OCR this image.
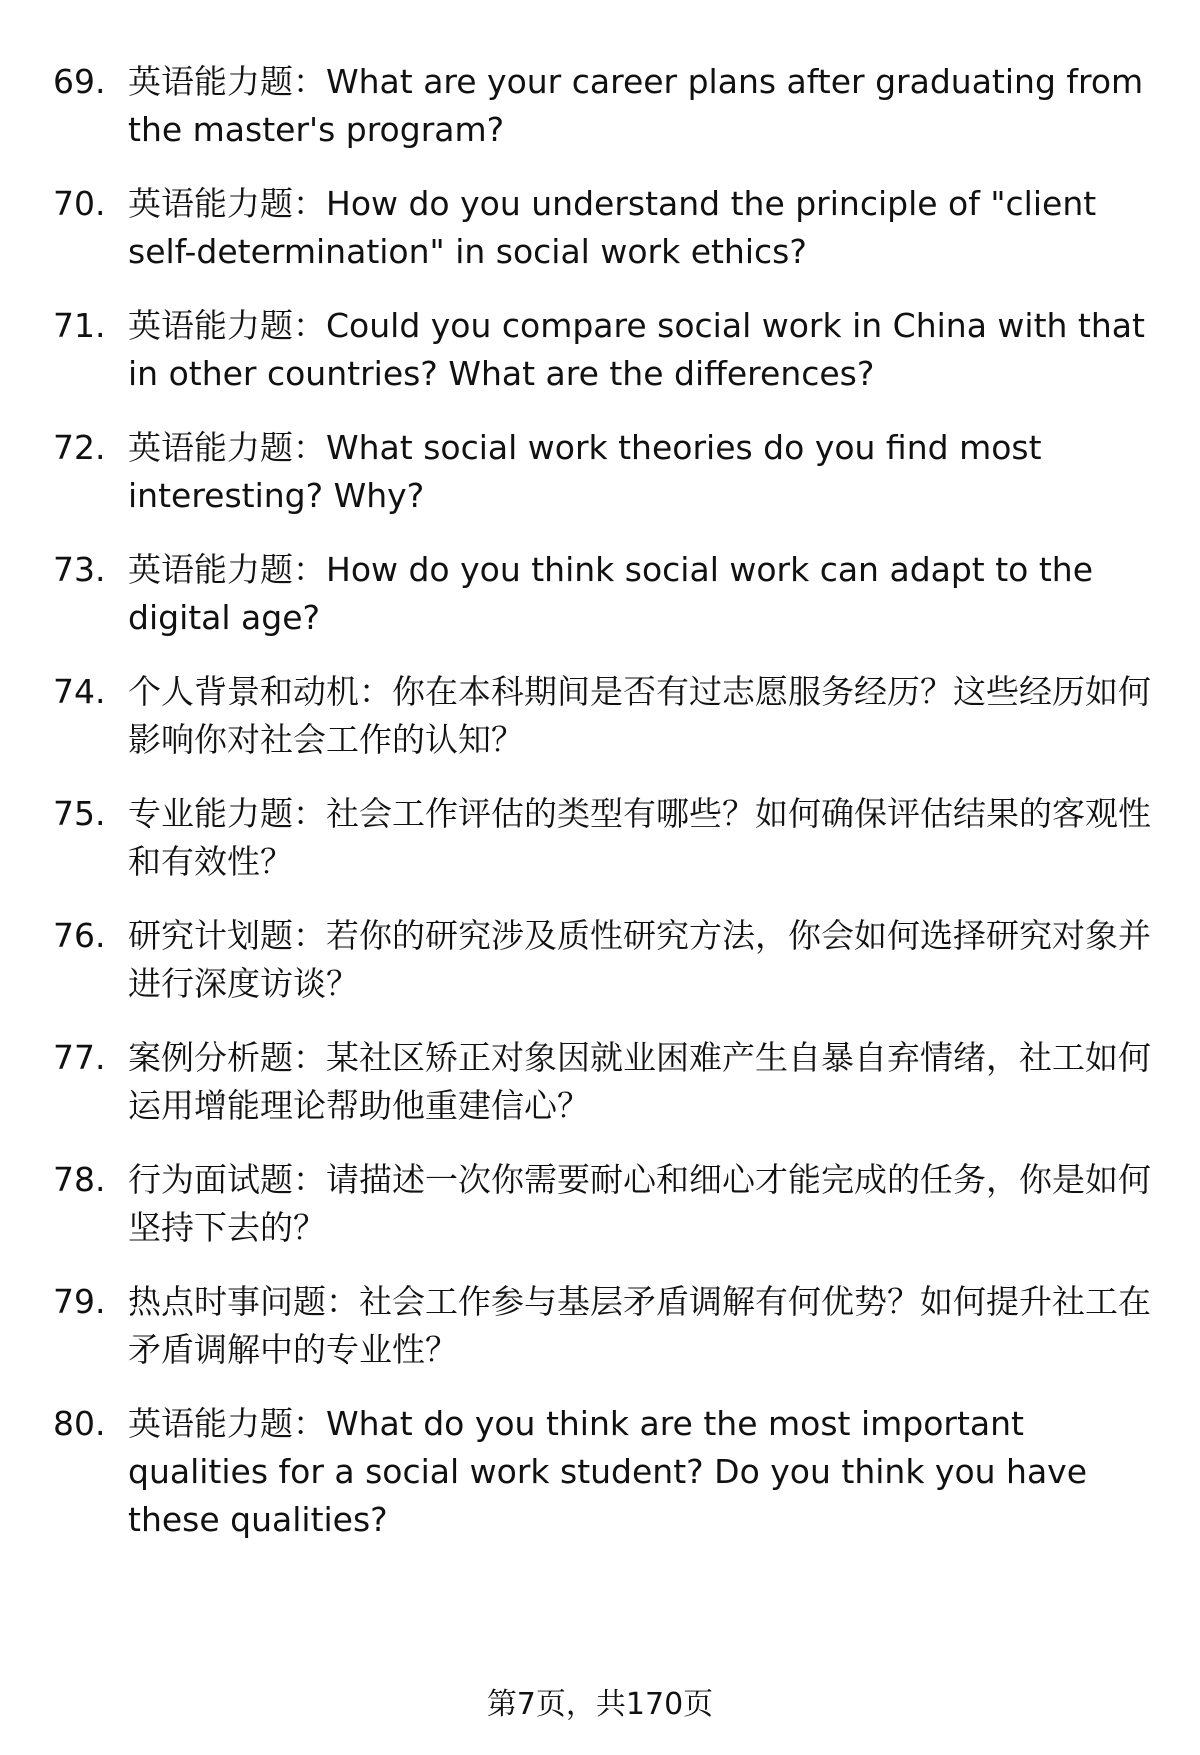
69. 英语能力题：What are your career plans after graduating from the master's program?
70. 英语能力题：How do you understand the principle of "client self-determination" in social work ethics?
71. 英语能力题：Could you compare social work in China with that in other countries? What are the differences?
72. 英语能力题：What social work theories do you find most interesting? Why?
73. 英语能力题：How do you think social work can adapt to the digital age?
74. 个人背景和动机：你在本科期间是否有过志愿服务经历？这些经历如何影响你对社会工作的认知？
75. 专业能力题：社会工作评估的类型有哪些？如何确保评估结果的客观性和有效性？
76. 研究计划题：若你的研究涉及质性研究方法，你会如何选择研究对象并进行深度访谈？
77. 案例分析题：某社区矫正对象因就业困难产生自暴自弃情绪，社工如何运用增能理论帮助他重建信心？
78. 行为面试题：请描述一次你需要耐心和细心才能完成的任务，你是如何坚持下去的？
79. 热点时事问题：社会工作参与基层矛盾调解有何优势？如何提升社工在矛盾调解中的专业性？
80. 英语能力题：What do you think are the most important qualities for a social work student? Do you think you have these qualities?
第7页，共170页
